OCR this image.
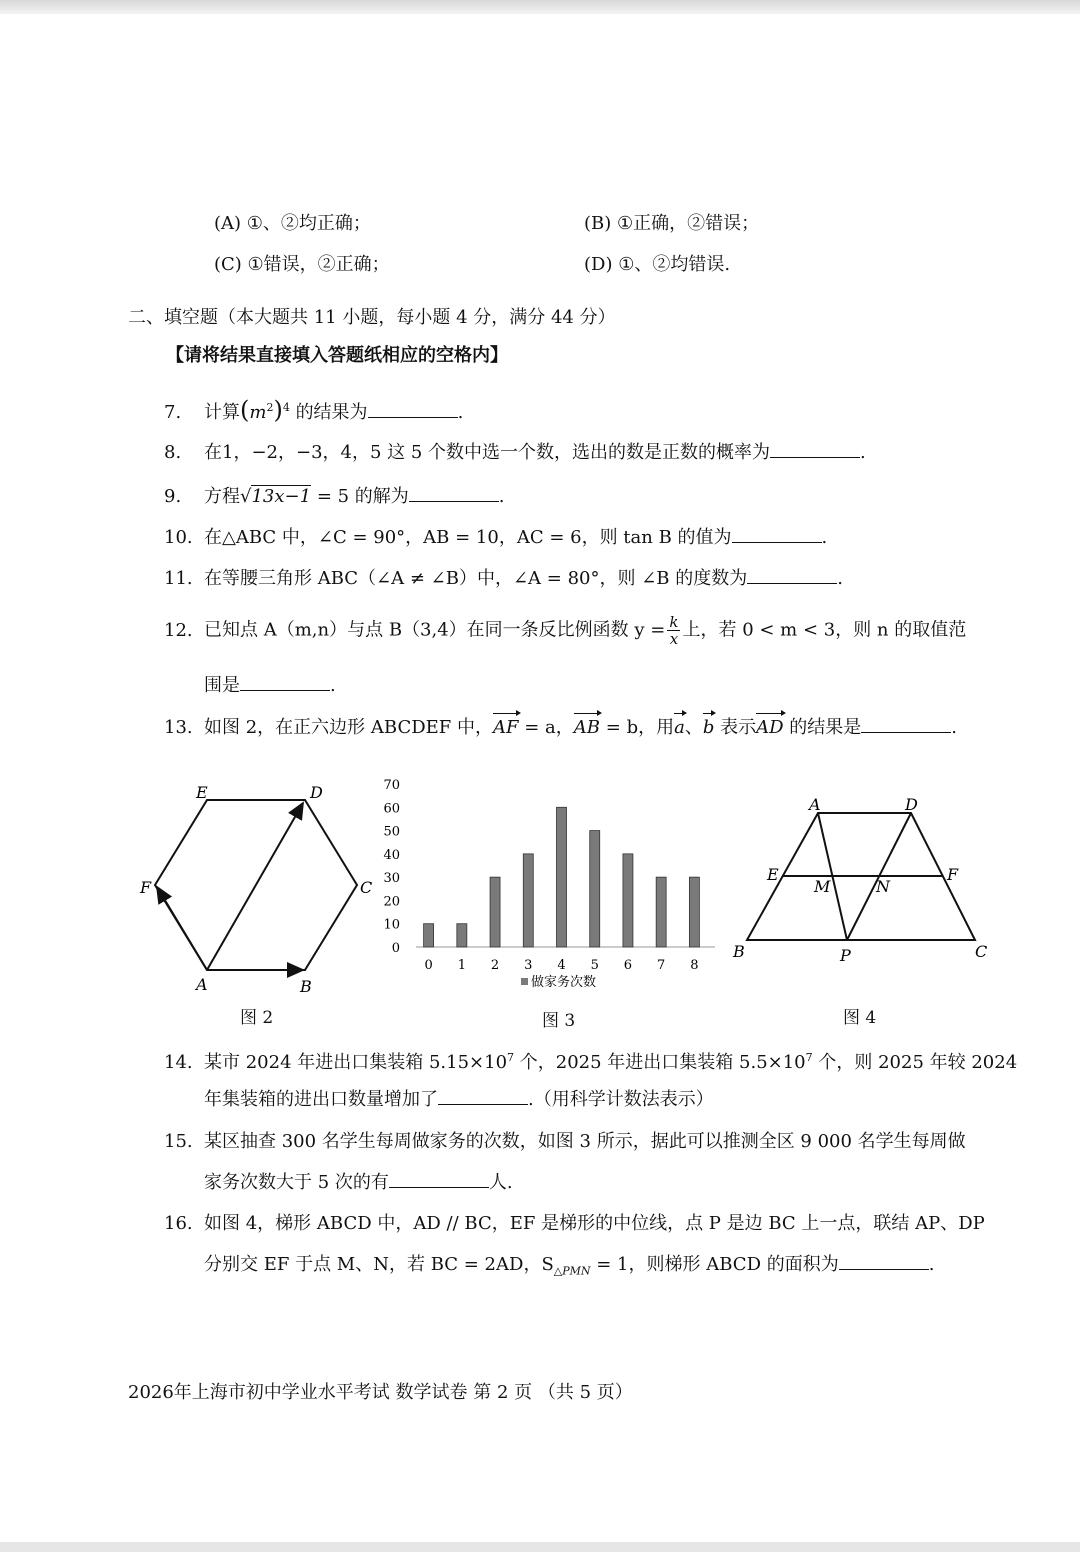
(A) ①、②均正确；	(B) ①正确，②错误；
(C) ①错误，②正确；	(D) ①、②均错误.
二、填空题（本大题共 11 小题，每小题 4 分，满分 44 分）
【请将结果直接填入答题纸相应的空格内】
7. 计算$(m^2)^4$ 的结果为	.
8. 在1，−2，−3，4，5 这 5 个数中选一个数，选出的数是正数的概率为	.
9. 方程√13x−1 = 5 的解为	.
10. 在△ABC 中，∠C = 90°，AB = 10，AC = 6，则 tan B 的值为	.
11. 在等腰三角形 ABC（∠A ≠ ∠B）中，∠A = 80°，则 ∠B 的度数为	.
12. 已知点 A（m,n）与点 B（3,4）在同一条反比例函数 $y = \frac{k}{x}$ 上，若 0 < m < 3，则 n 的取值范
围是	.
13. 如图 2，在正六边形 ABCDEF 中，AF = a，AB = b，用a、b 表示AD 的结果是	.
A	B
C
D
E
F
图 2
0
10
20
30
40
50
60
70
0 1 2 3 4 5 6 7 8
做家务次数
图 3
A	D
E	F
M	N
B	P	C
图 4
14. 某市 2024 年进出口集装箱 $5.15\times 10^7$ 个，2025 年进出口集装箱 $5.5\times 10^7$ 个，则 2025 年较 2024
年集装箱的进出口数量增加了	.（用科学计数法表示）
15. 某区抽查 300 名学生每周做家务的次数，如图 3 所示，据此可以推测全区 9 000 名学生每周做
家务次数大于 5 次的有	人.
16. 如图 4，梯形 ABCD 中，AD // BC，EF 是梯形的中位线，点 P 是边 BC 上一点，联结 AP、DP
分别交 EF 于点 M、N，若 BC = 2AD，$S_{\triangle PMN} = 1$，则梯形 ABCD 的面积为	.
2026年上海市初中学业水平考试 数学试卷 第 2 页 （共 5 页）
